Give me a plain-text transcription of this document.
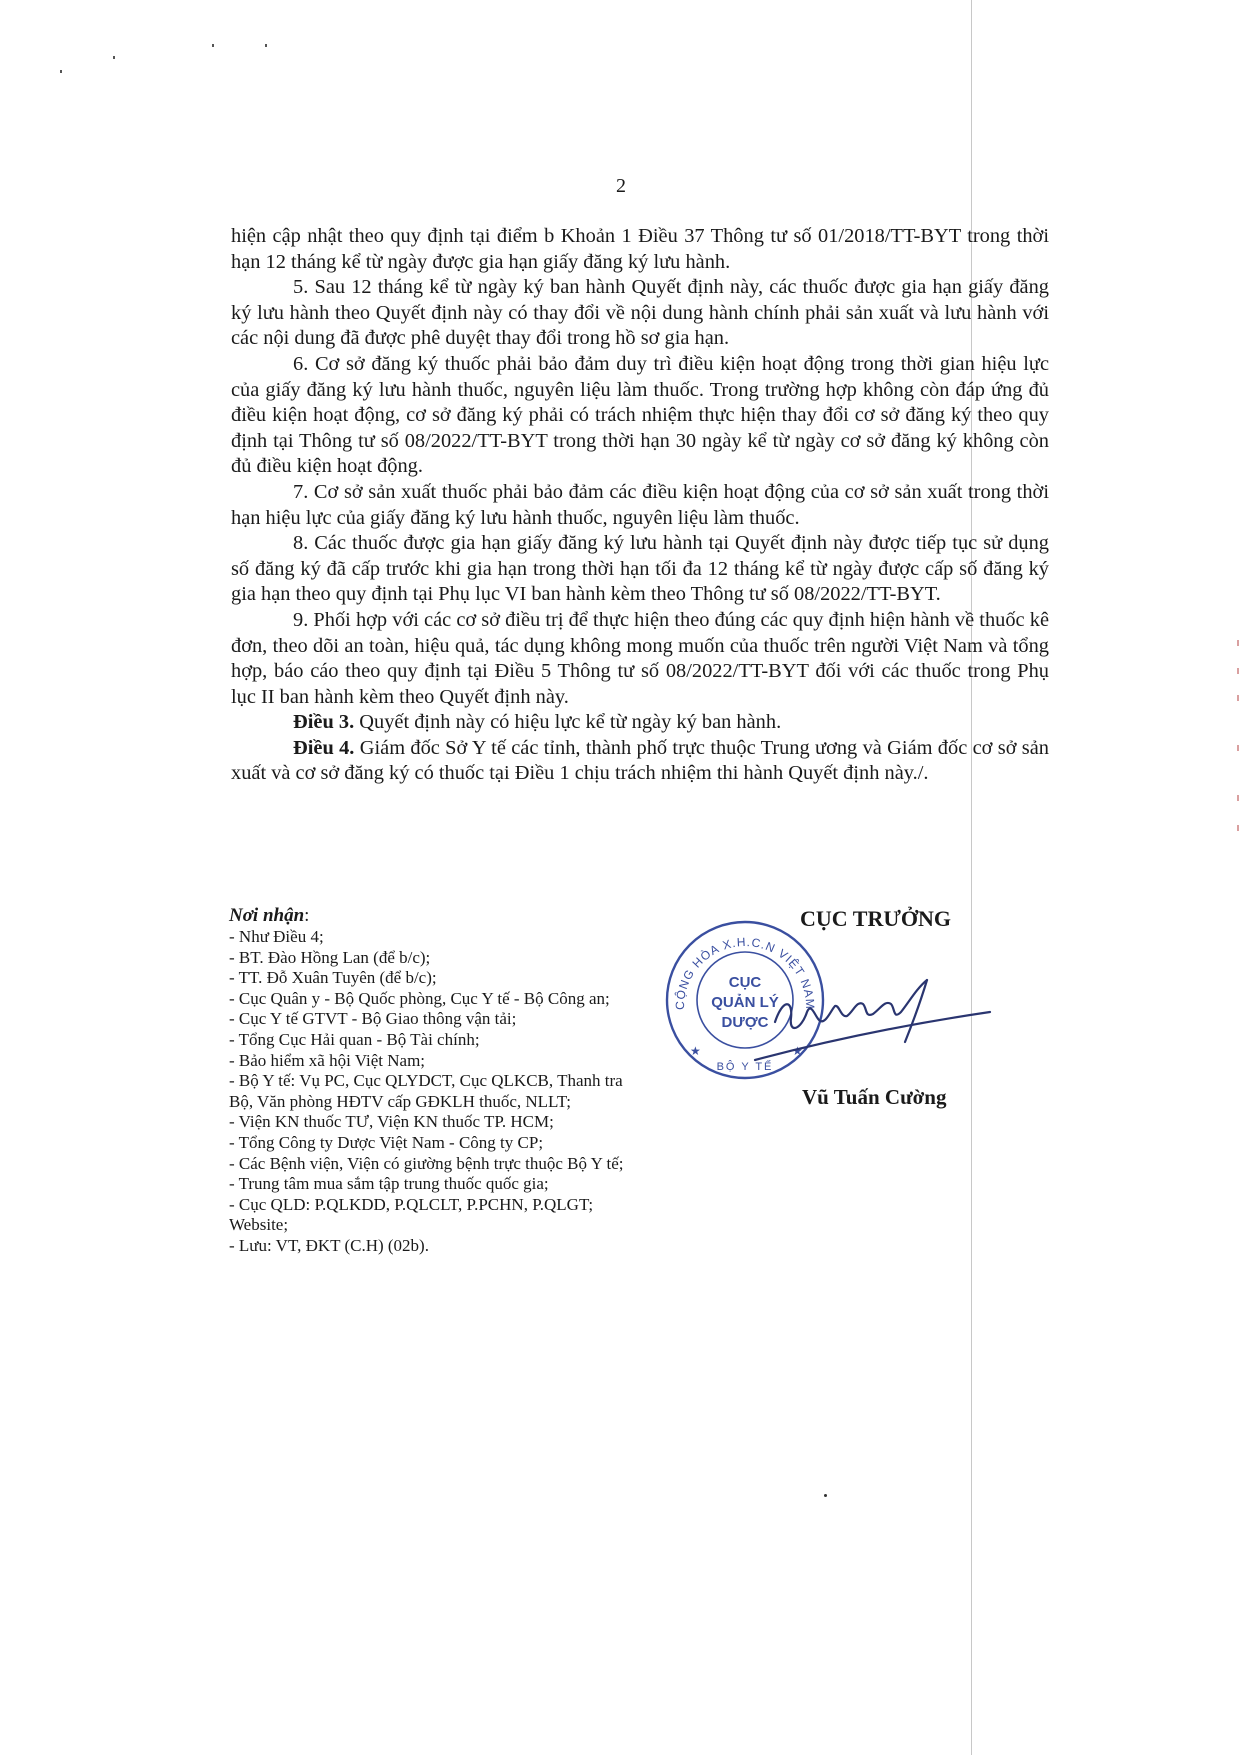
2

hiện cập nhật theo quy định tại điểm b Khoản 1 Điều 37 Thông tư số 01/2018/TT-BYT trong thời hạn 12 tháng kể từ ngày được gia hạn giấy đăng ký lưu hành.

5. Sau 12 tháng kể từ ngày ký ban hành Quyết định này, các thuốc được gia hạn giấy đăng ký lưu hành theo Quyết định này có thay đổi về nội dung hành chính phải sản xuất và lưu hành với các nội dung đã được phê duyệt thay đổi trong hồ sơ gia hạn.

6. Cơ sở đăng ký thuốc phải bảo đảm duy trì điều kiện hoạt động trong thời gian hiệu lực của giấy đăng ký lưu hành thuốc, nguyên liệu làm thuốc. Trong trường hợp không còn đáp ứng đủ điều kiện hoạt động, cơ sở đăng ký phải có trách nhiệm thực hiện thay đổi cơ sở đăng ký theo quy định tại Thông tư số 08/2022/TT-BYT trong thời hạn 30 ngày kể từ ngày cơ sở đăng ký không còn đủ điều kiện hoạt động.

7. Cơ sở sản xuất thuốc phải bảo đảm các điều kiện hoạt động của cơ sở sản xuất trong thời hạn hiệu lực của giấy đăng ký lưu hành thuốc, nguyên liệu làm thuốc.

8. Các thuốc được gia hạn giấy đăng ký lưu hành tại Quyết định này được tiếp tục sử dụng số đăng ký đã cấp trước khi gia hạn trong thời hạn tối đa 12 tháng kể từ ngày được cấp số đăng ký gia hạn theo quy định tại Phụ lục VI ban hành kèm theo Thông tư số 08/2022/TT-BYT.

9. Phối hợp với các cơ sở điều trị để thực hiện theo đúng các quy định hiện hành về thuốc kê đơn, theo dõi an toàn, hiệu quả, tác dụng không mong muốn của thuốc trên người Việt Nam và tổng hợp, báo cáo theo quy định tại Điều 5 Thông tư số 08/2022/TT-BYT đối với các thuốc trong Phụ lục II ban hành kèm theo Quyết định này.

Điều 3. Quyết định này có hiệu lực kể từ ngày ký ban hành.

Điều 4. Giám đốc Sở Y tế các tỉnh, thành phố trực thuộc Trung ương và Giám đốc cơ sở sản xuất và cơ sở đăng ký có thuốc tại Điều 1 chịu trách nhiệm thi hành Quyết định này./.

Nơi nhận:
- Như Điều 4;
- BT. Đào Hồng Lan (để b/c);
- TT. Đỗ Xuân Tuyên (để b/c);
- Cục Quân y - Bộ Quốc phòng, Cục Y tế - Bộ Công an;
- Cục Y tế GTVT - Bộ Giao thông vận tải;
- Tổng Cục Hải quan - Bộ Tài chính;
- Bảo hiểm xã hội Việt Nam;
- Bộ Y tế: Vụ PC, Cục QLYDCT, Cục QLKCB, Thanh tra
Bộ, Văn phòng HĐTV cấp GĐKLH thuốc, NLLT;
- Viện KN thuốc TƯ, Viện KN thuốc TP. HCM;
- Tổng Công ty Dược Việt Nam - Công ty CP;
- Các Bệnh viện, Viện có giường bệnh trực thuộc Bộ Y tế;
- Trung tâm mua sắm tập trung thuốc quốc gia;
- Cục QLD: P.QLKDD, P.QLCLT, P.PCHN, P.QLGT;
Website;
- Lưu: VT, ĐKT (C.H) (02b).
CỤC TRƯỞNG
CỘNG HÒA X.H.C.N VIỆT NAM
CỤC
QUẢN LÝ
DƯỢC
BỘ Y TẾ
★	★
Vũ Tuấn Cường
